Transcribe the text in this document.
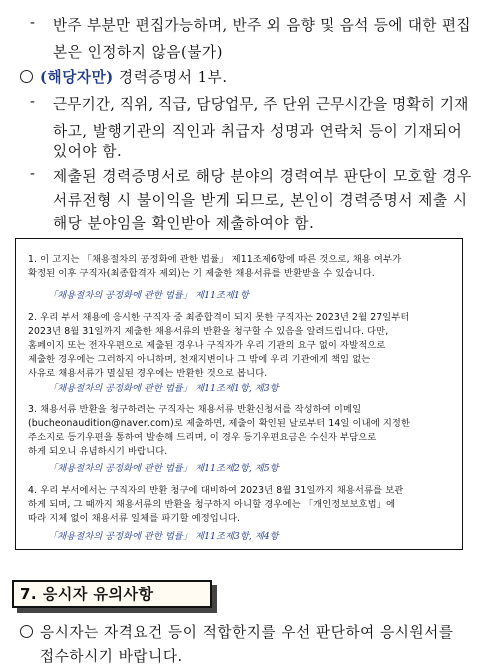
- 반주 부분만 편집가능하며, 반주 외 음향 및 음석 등에 대한 편집
본은 인정하지 않음(불가)
(해당자만) 경력증명서 1부.
- 근무기간, 직위, 직급, 담당업무, 주 단위 근무시간을 명확히 기재
하고, 발행기관의 직인과 취급자 성명과 연락처 등이 기재되어
있어야 함.
- 제출된 경력증명서로 해당 분야의 경력여부 판단이 모호할 경우
서류전형 시 불이익을 받게 되므로, 본인이 경력증명서 제출 시
해당 분야임을 확인받아 제출하여야 함.
1. 이 고지는 「채용절차의 공정화에 관한 법률」 제11조제6항에 따른 것으로, 채용 여부가
확정된 이후 구직자(최종합격자 제외)는 기 제출한 채용서류를 반환받을 수 있습니다.
「채용절차의 공정화에 관한 법률」 제11조제1항
2. 우리 부서 채용에 응시한 구직자 중 최종합격이 되지 못한 구직자는 2023년 2월 27일부터
2023년 8월 31일까지 제출한 채용서류의 반환을 청구할 수 있음을 알려드립니다. 다만,
홈페이지 또는 전자우편으로 제출된 경우나 구직자가 우리 기관의 요구 없이 자발적으로
제출한 경우에는 그러하지 아니하며, 천재지변이나 그 밖에 우리 기관에게 책임 없는
사유로 채용서류가 멸실된 경우에는 반환한 것으로 봅니다.
「채용절차의 공정화에 관한 법률」 제11조제1항, 제3항
3. 채용서류 반환을 청구하려는 구직자는 채용서류 반환신청서를 작성하여 이메일
(bucheonaudition@naver.com)로 제출하면, 제출이 확인된 날로부터 14일 이내에 지정한
주소지로 등기우편을 통하여 발송해 드리며, 이 경우 등기우편요금은 수신자 부담으로
하게 되오니 유념하시기 바랍니다.
「채용절차의 공정화에 관한 법률」 제11조제2항, 제5항
4. 우리 부서에서는 구직자의 반환 청구에 대비하여 2023년 8월 31일까지 채용서류를 보관
하게 되며, 그 때까지 채용서류의 반환을 청구하지 아니할 경우에는 「개인정보보호법」에
따라 지체 없이 채용서류 일체를 파기할 예정입니다.
「채용절차의 공정화에 관한 법률」 제11조제3항, 제4항
7. 응시자 유의사항
응시자는 자격요건 등이 적합한지를 우선 판단하여 응시원서를
접수하시기 바랍니다.
